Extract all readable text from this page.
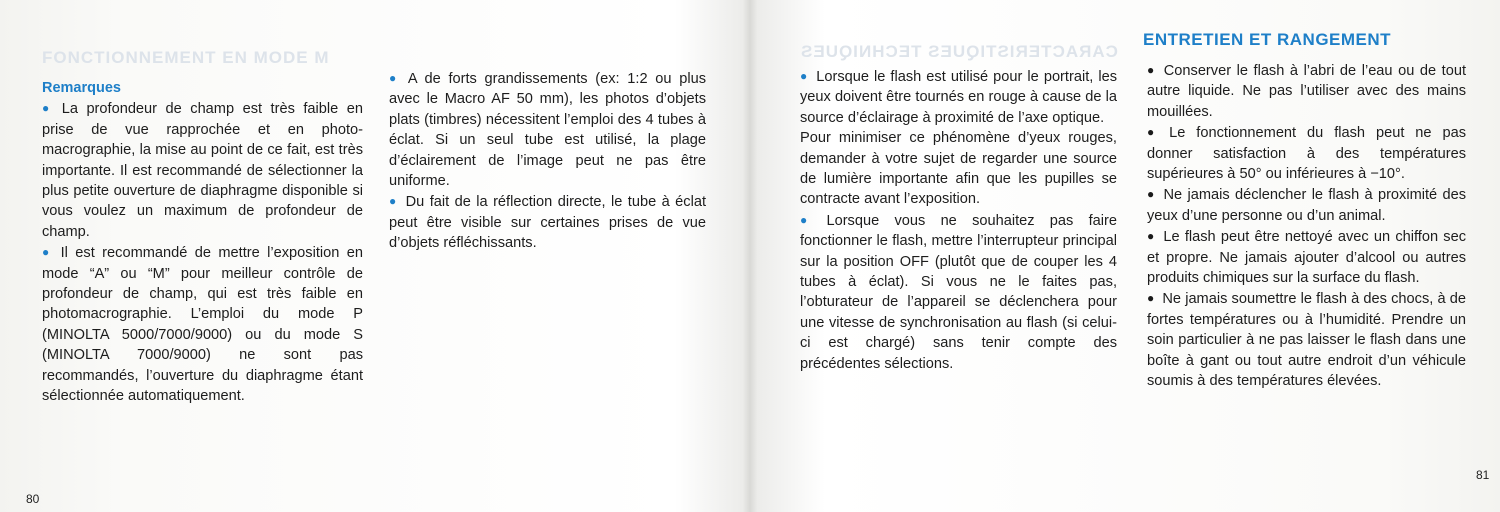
FONCTIONNEMENT EN MODE M	CARACTERISTIQUES TECHNIQUES
Remarques

● La profondeur de champ est très faible en prise de vue rapprochée et en photomacrographie, la mise au point de ce fait, est très importante. Il est recommandé de sélectionner la plus petite ouverture de diaphragme disponible si vous voulez un maximum de profondeur de champ.

● Il est recommandé de mettre l’exposition en mode “A” ou “M” pour meilleur contrôle de profondeur de champ, qui est très faible en photomacrographie. L’emploi du mode P (MINOLTA 5000/7000/9000) ou du mode S (MINOLTA 7000/9000) ne sont pas recommandés, l’ouverture du diaphragme étant sélectionnée automatiquement.

● A de forts grandissements (ex: 1:2 ou plus avec le Macro AF 50 mm), les photos d’objets plats (timbres) nécessitent l’emploi des 4 tubes à éclat. Si un seul tube est utilisé, la plage d’éclairement de l’image peut ne pas être uniforme.

● Du fait de la réflection directe, le tube à éclat peut être visible sur certaines prises de vue d’objets réfléchissants.

80

● Lorsque le flash est utilisé pour le portrait, les yeux doivent être tournés en rouge à cause de la source d’éclairage à proximité de l’axe optique.

Pour minimiser ce phénomène d’yeux rouges, demander à votre sujet de regarder une source de lumière importante afin que les pupilles se contracte avant l’exposition.

● Lorsque vous ne souhaitez pas faire fonctionner le flash, mettre l’interrupteur principal sur la position OFF (plutôt que de couper les 4 tubes à éclat). Si vous ne le faites pas, l’obturateur de l’appareil se déclenchera pour une vitesse de synchronisation au flash (si celui-ci est chargé) sans tenir compte des précédentes sélections.

ENTRETIEN ET RANGEMENT

● Conserver le flash à l’abri de l’eau ou de tout autre liquide. Ne pas l’utiliser avec des mains mouillées.

● Le fonctionnement du flash peut ne pas donner satisfaction à des températures supérieures à 50° ou inférieures à −10°.

● Ne jamais déclencher le flash à proximité des yeux d’une personne ou d’un animal.

● Le flash peut être nettoyé avec un chiffon sec et propre. Ne jamais ajouter d’alcool ou autres produits chimiques sur la surface du flash.

● Ne jamais soumettre le flash à des chocs, à de fortes températures ou à l’humidité. Prendre un soin particulier à ne pas laisser le flash dans une boîte à gant ou tout autre endroit d’un véhicule soumis à des températures élevées.

81
